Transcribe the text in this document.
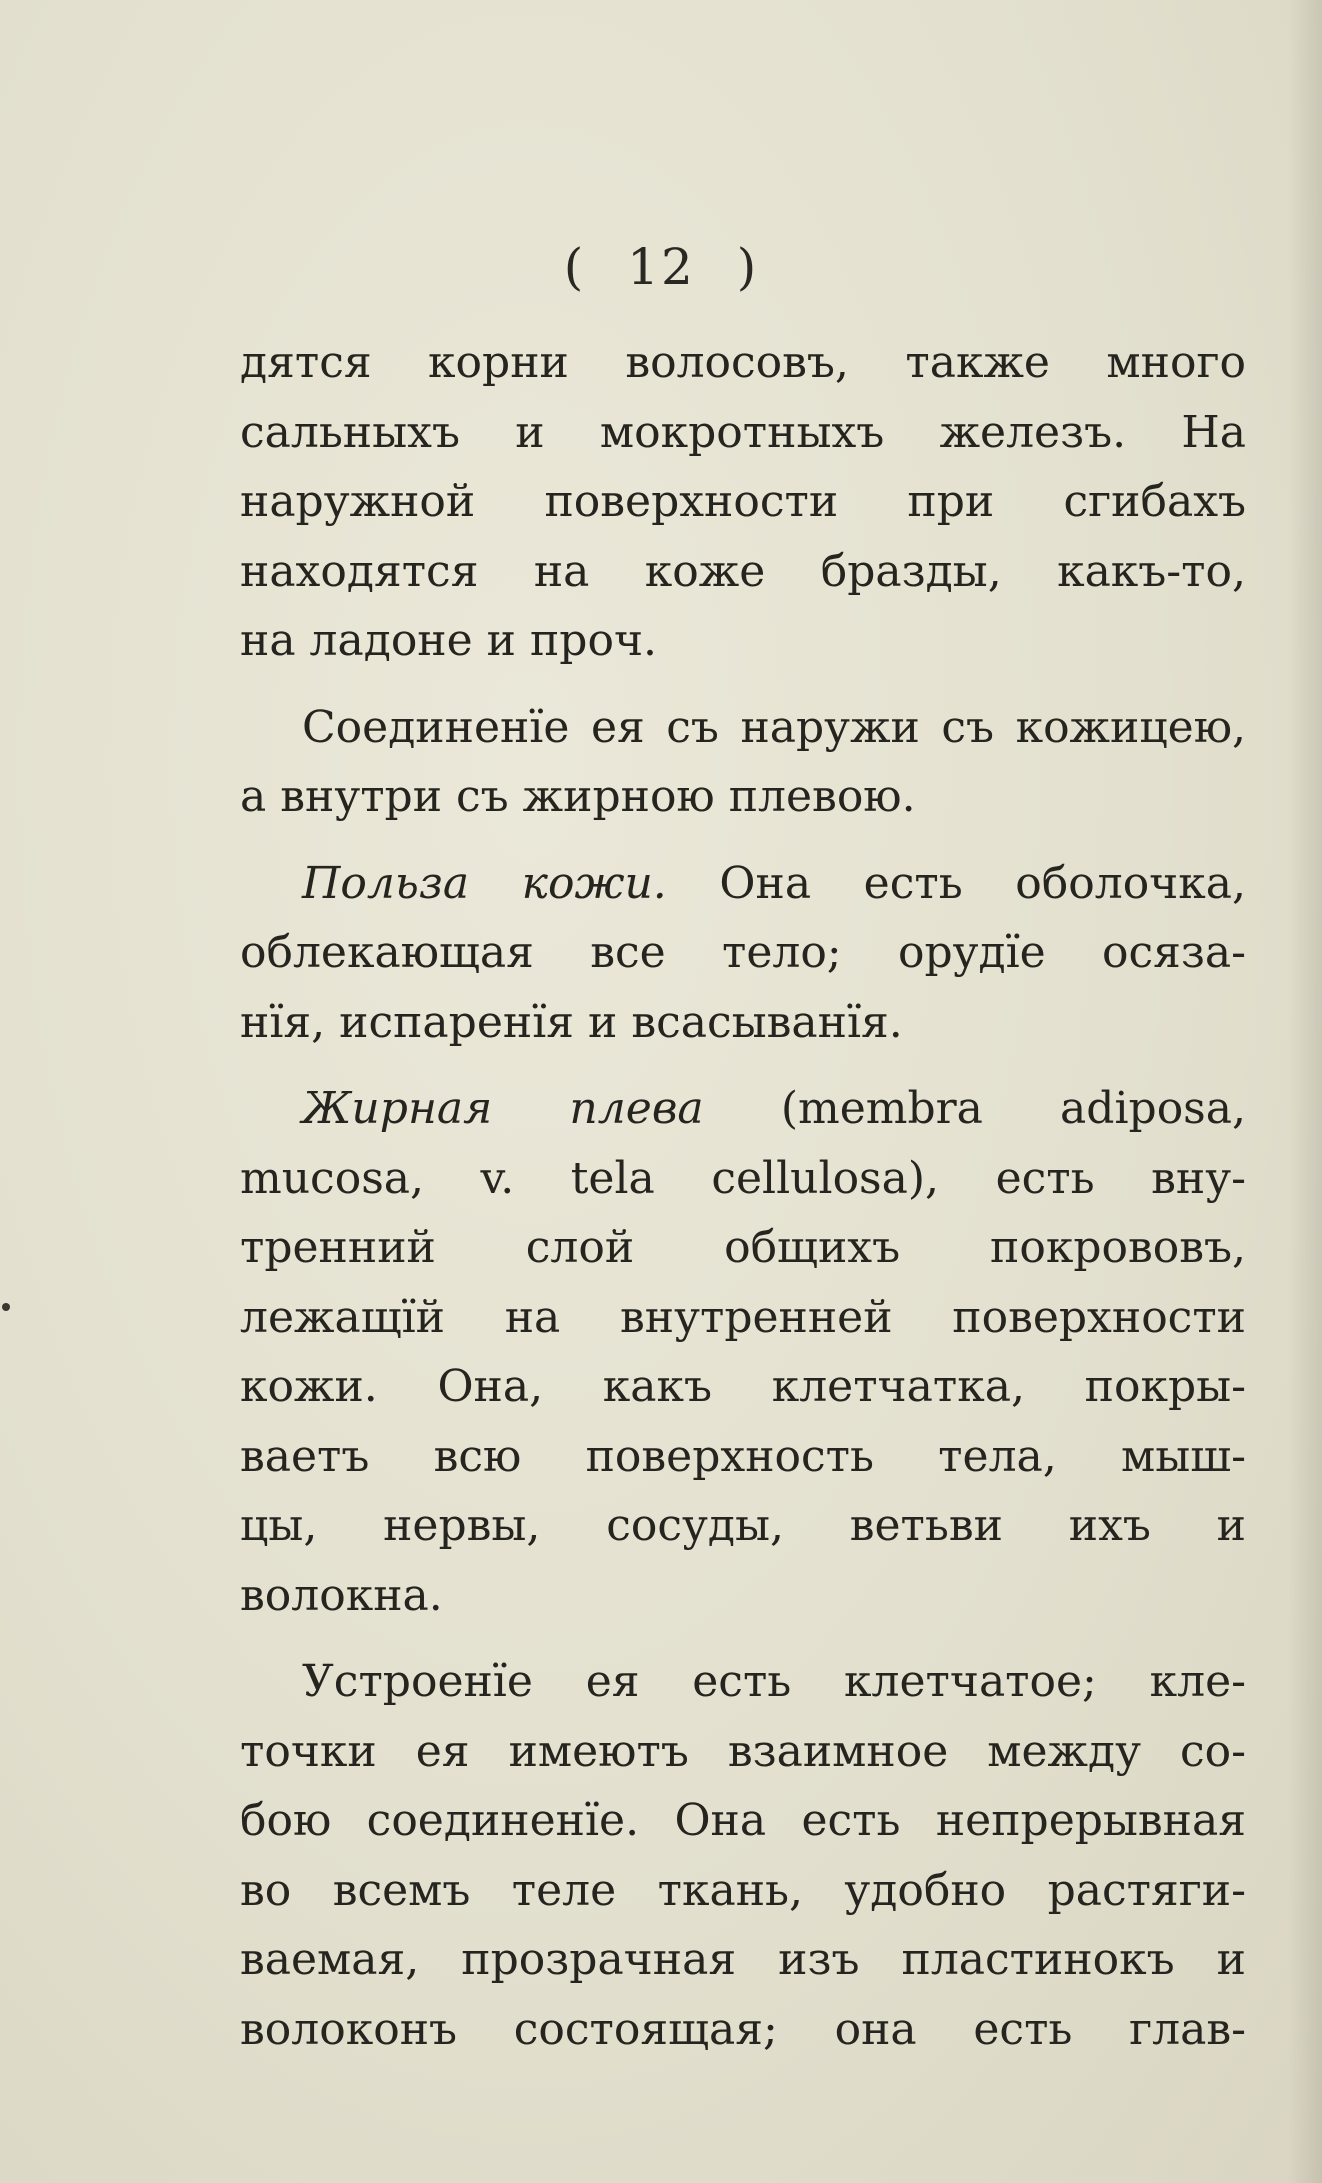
( 12 )
дятся корни волосовъ, также много
сальныхъ и мокротныхъ железъ. На
наружной поверхности при сгибахъ
находятся на коже бразды, какъ-то,
на ладоне и проч.
Соединенïе ея съ наружи съ кожицею,
а внутри съ жирною плевою.
Польза кожи. Она есть оболочка,
облекающая все тело; орудïе осяза-
нïя, испаренïя и всасыванïя.
Жирная плева (membra adiposa,
mucosa, v. tela cellulosa), есть вну-
тренний слой общихъ покрововъ,
лежащïй на внутренней поверхности
кожи. Она, какъ клетчатка, покры-
ваетъ всю поверхность тела, мыш-
цы, нервы, сосуды, ветьви ихъ и
волокна.
Устроенïе ея есть клетчатое; кле-
точки ея имеютъ взаимное между со-
бою соединенïе. Она есть непрерывная
во всемъ теле ткань, удобно растяги-
ваемая, прозрачная изъ пластинокъ и
волоконъ состоящая; она есть глав-
